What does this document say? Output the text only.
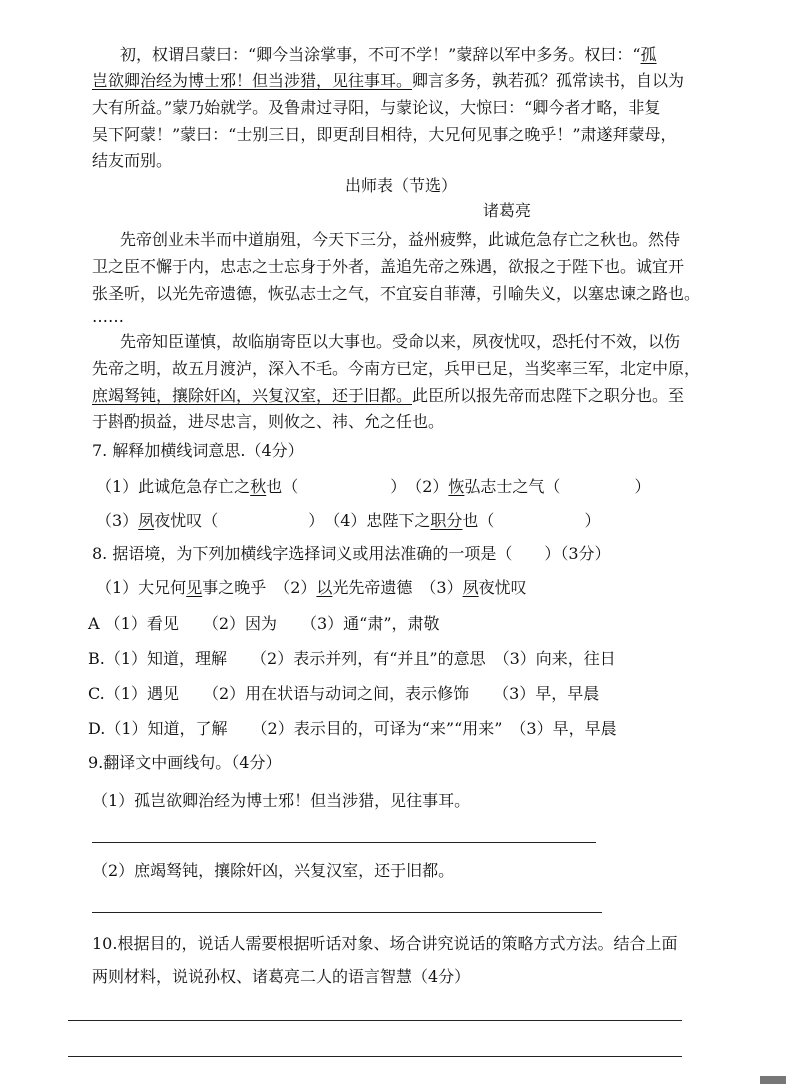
初，权谓吕蒙曰：“卿今当涂掌事，不可不学！”蒙辞以军中多务。权曰：“孤
岂欲卿治经为博士邪！但当涉猎，见往事耳。卿言多务，孰若孤？孤常读书，自以为
大有所益。”蒙乃始就学。及鲁肃过寻阳，与蒙论议，大惊曰：“卿今者才略，非复
吴下阿蒙！”蒙曰：“士别三日，即更刮目相待，大兄何见事之晚乎！”肃遂拜蒙母，
结友而别。
出师表（节选）
诸葛亮
先帝创业未半而中道崩殂，今天下三分，益州疲弊，此诚危急存亡之秋也。然侍
卫之臣不懈于内，忠志之士忘身于外者，盖追先帝之殊遇，欲报之于陛下也。诚宜开
张圣听，以光先帝遗德，恢弘志士之气，不宜妄自菲薄，引喻失义，以塞忠谏之路也。
……
先帝知臣谨慎，故临崩寄臣以大事也。受命以来，夙夜忧叹，恐托付不效，以伤
先帝之明，故五月渡泸，深入不毛。今南方已定，兵甲已足，当奖率三军，北定中原，
庶竭驽钝，攘除奸凶，兴复汉室，还于旧都。此臣所以报先帝而忠陛下之职分也。至
于斟酌损益，进尽忠言，则攸之、祎、允之任也。
7. 解释加横线词意思.（4分）
（1）此诚危急存亡之秋也（	）　（2）恢弘志士之气（	）
（3）夙夜忧叹（	）　（4）忠陛下之职分也（	）
8. 据语境，为下列加横线字选择词义或用法准确的一项是（　　）（3分）
（1）大兄何见事之晚乎　（2）以光先帝遗德　（3）夙夜忧叹
A （1）看见　　（2）因为　　（3）通“肃”，肃敬
B.（1）知道，理解　　（2）表示并列，有“并且”的意思　（3）向来，往日
C.（1）遇见　　（2）用在状语与动词之间，表示修饰　　（3）早，早晨
D.（1）知道，了解　　（2）表示目的，可译为“来”“用来”　（3）早，早晨
9.翻译文中画线句。（4分）
（1）孤岂欲卿治经为博士邪！但当涉猎，见往事耳。
（2）庶竭驽钝，攘除奸凶，兴复汉室，还于旧都。
10.根据目的，说话人需要根据听话对象、场合讲究说话的策略方式方法。结合上面
两则材料，说说孙权、诸葛亮二人的语言智慧（4分）
